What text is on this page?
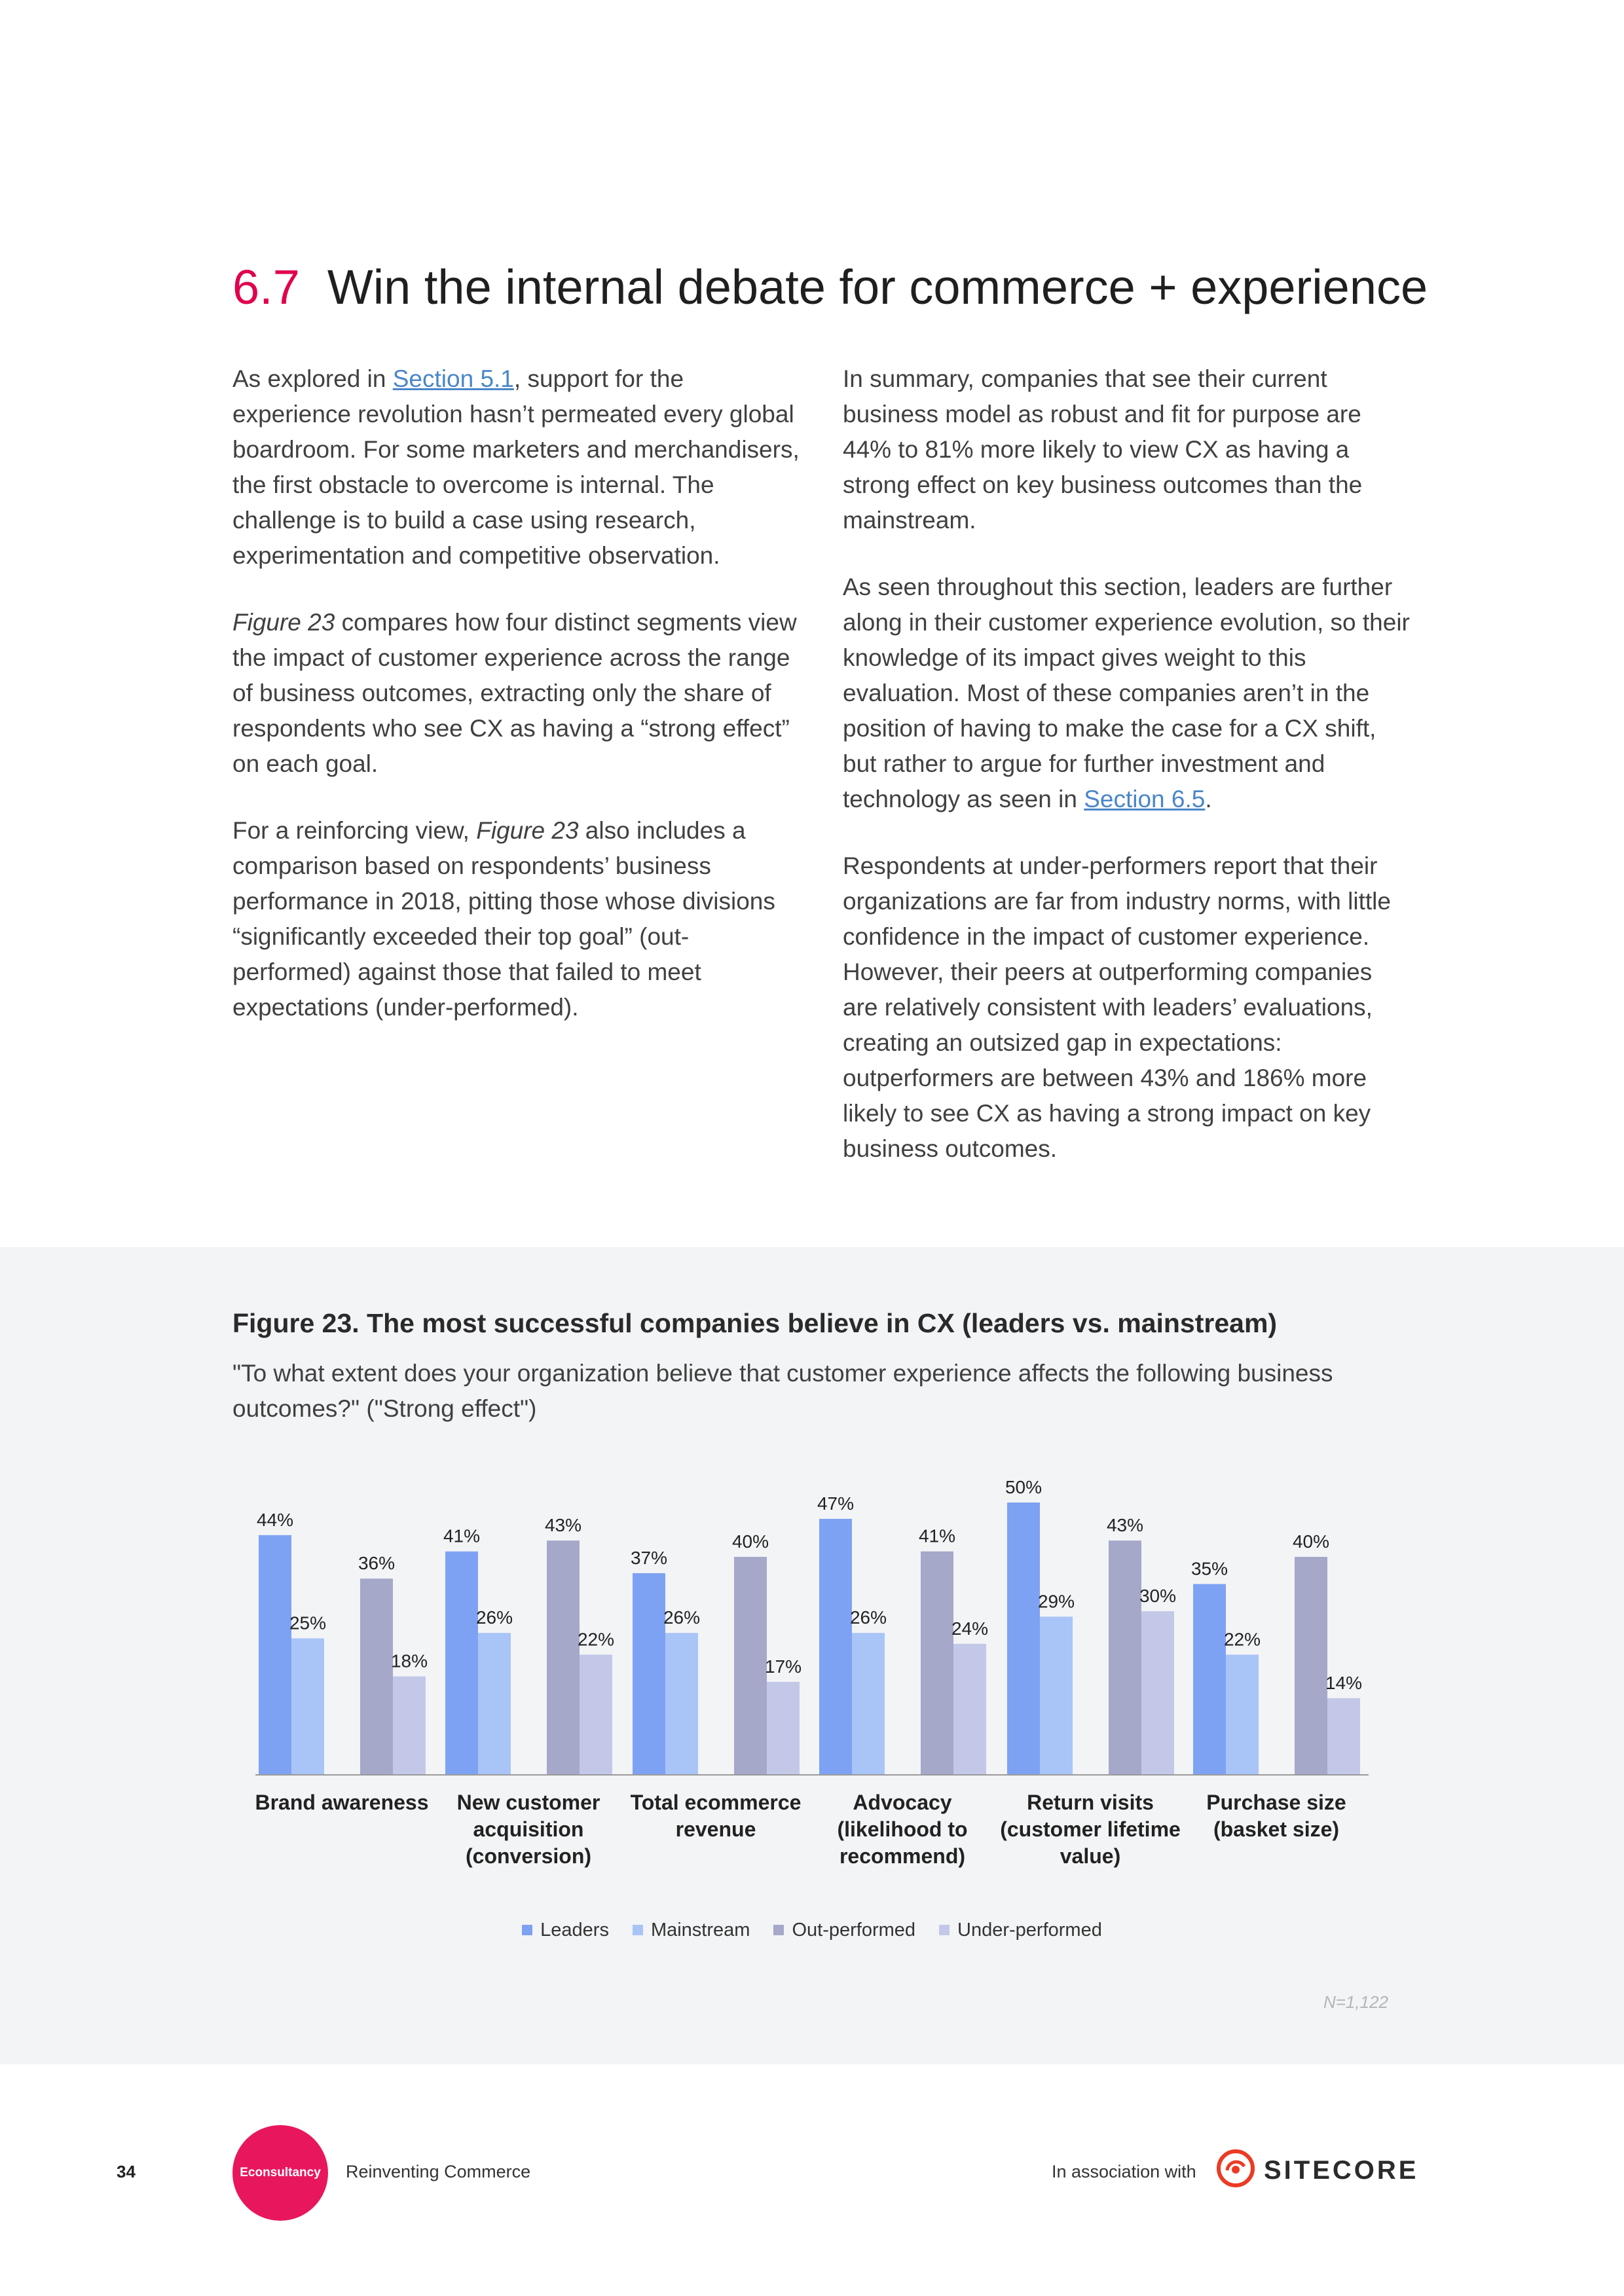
6.7 Win the internal debate for commerce + experience

As explored in Section 5.1, support for the experience revolution hasn’t permeated every global boardroom. For some marketers and merchandisers, the first obstacle to overcome is internal. The challenge is to build a case using research, experimentation and competitive observation.

Figure 23 compares how four distinct segments view the impact of customer experience across the range of business outcomes, extracting only the share of respondents who see CX as having a “strong effect” on each goal.

For a reinforcing view, Figure 23 also includes a comparison based on respondents’ business performance in 2018, pitting those whose divisions “significantly exceeded their top goal” (out-performed) against those that failed to meet expectations (under-performed).

In summary, companies that see their current business model as robust and fit for purpose are 44% to 81% more likely to view CX as having a strong effect on key business outcomes than the mainstream.

As seen throughout this section, leaders are further along in their customer experience evolution, so their knowledge of its impact gives weight to this evaluation. Most of these companies aren’t in the position of having to make the case for a CX shift, but rather to argue for further investment and technology as seen in Section 6.5.

Respondents at under-performers report that their organizations are far from industry norms, with little confidence in the impact of customer experience. However, their peers at outperforming companies are relatively consistent with leaders’ evaluations, creating an outsized gap in expectations: outperformers are between 43% and 186% more likely to see CX as having a strong impact on key business outcomes.

Figure 23. The most successful companies believe in CX (leaders vs. mainstream)

"To what extent does your organization believe that customer experience affects the following business outcomes?" ("Strong effect")

44%
25%
36%
18%
41%
26%
43%
22%
37%
26%
40%
17%
47%
26%
41%
24%
50%
29%
43%
30%
35%
22%
40%
14%
Brand awareness	New customer
acquisition
(conversion)
Total ecommerce
revenue
Advocacy
(likelihood to
recommend)
Return visits
(customer lifetime
value)
Purchase size
(basket size)
Leaders Mainstream Out-performed Under-performed
N=1,122
34	Econsultancy Reinventing Commerce	In association with	SITECORE
